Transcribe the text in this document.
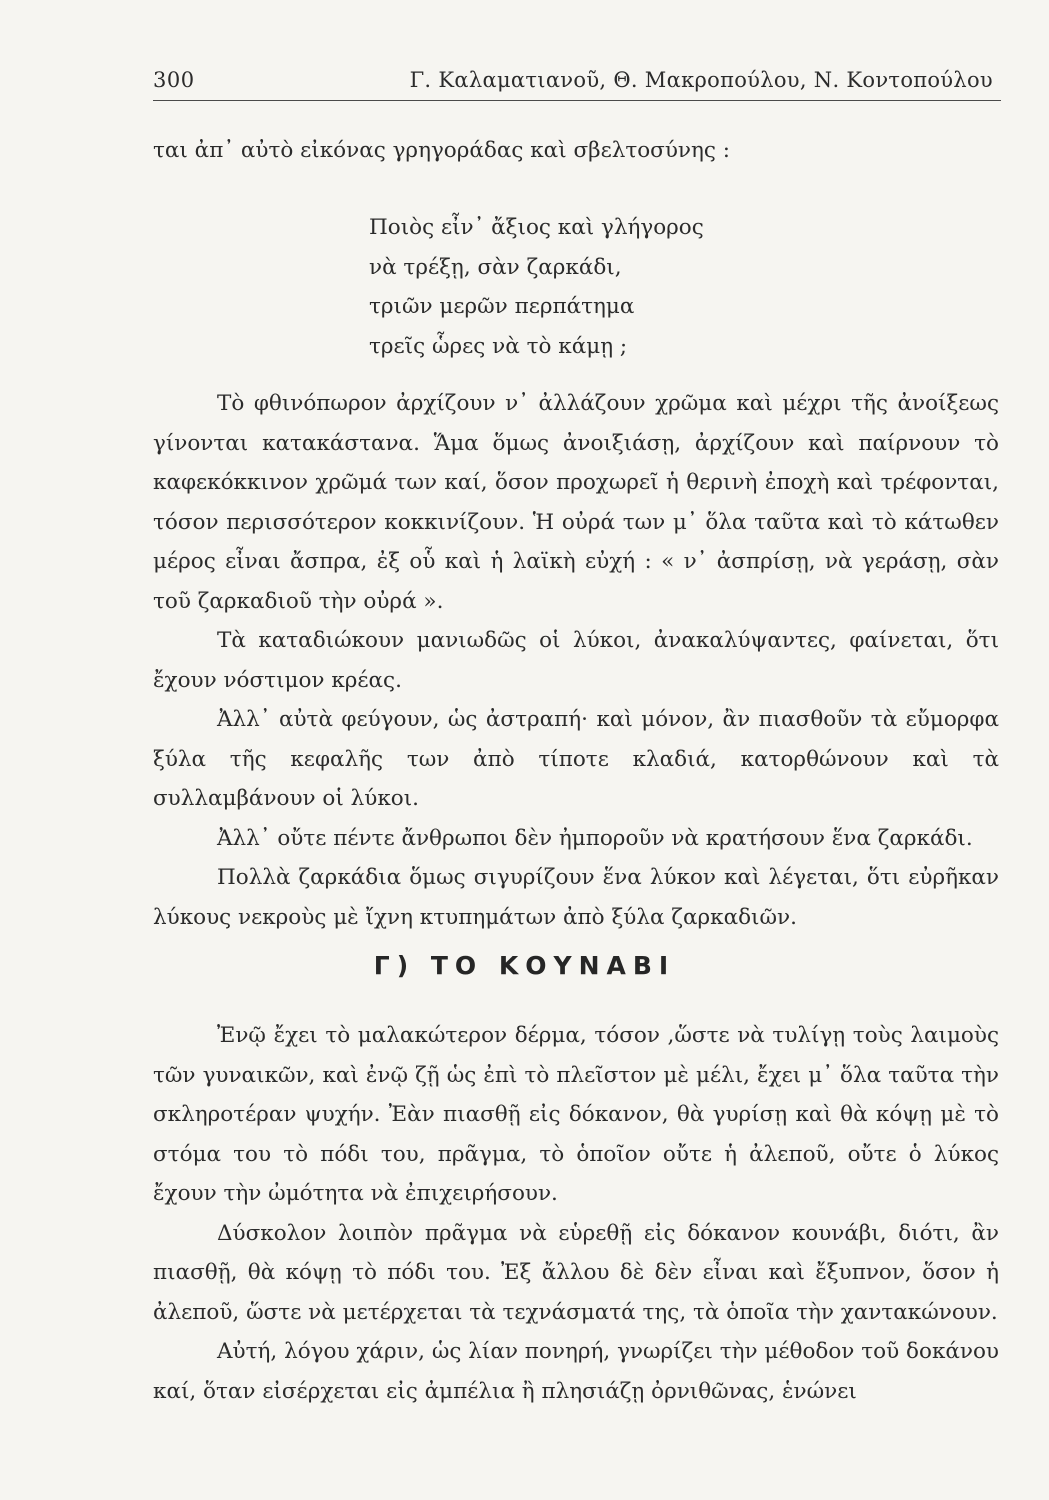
300	Γ. Καλαματιανοῦ, Θ. Μακροπούλου, Ν. Κοντοπούλου

ται ἀπ᾽ αὐτὸ εἰκόνας γρηγοράδας καὶ σβελτοσύνης :

Ποιὸς εἶν᾽ ἄξιος καὶ γλήγορος
νὰ τρέξῃ, σὰν ζαρκάδι,
τριῶν μερῶν περπάτημα
τρεῖς ὧρες νὰ τὸ κάμῃ ;

Τὸ φθινόπωρον ἀρχίζουν ν᾽ ἀλλάζουν χρῶμα καὶ μέχρι τῆς ἀνοίξεως γίνονται κατακάστανα. Ἅμα ὅμως ἀνοιξιάσῃ, ἀρχίζουν καὶ παίρνουν τὸ καφεκόκκινον χρῶμά των καί, ὅσον προχωρεῖ ἡ θερινὴ ἐποχὴ καὶ τρέφονται, τόσον περισσότερον κοκκινίζουν. Ἡ οὐρά των μ᾽ ὅλα ταῦτα καὶ τὸ κάτωθεν μέρος εἶναι ἄσπρα, ἐξ οὗ καὶ ἡ λαϊκὴ εὐχή : « ν᾽ ἀσπρίσῃ, νὰ γεράσῃ, σὰν τοῦ ζαρκαδιοῦ τὴν οὐρά ».

Τὰ καταδιώκουν μανιωδῶς οἱ λύκοι, ἀνακαλύψαντες, φαίνεται, ὅτι ἔχουν νόστιμον κρέας.

Ἀλλ᾽ αὐτὰ φεύγουν, ὡς ἀστραπή· καὶ μόνον, ἂν πιασθοῦν τὰ εὔμορφα ξύλα τῆς κεφαλῆς των ἀπὸ τίποτε κλαδιά, κατορθώνουν καὶ τὰ συλλαμβάνουν οἱ λύκοι.

Ἀλλ᾽ οὔτε πέντε ἄνθρωποι δὲν ἠμποροῦν νὰ κρατήσουν ἕνα ζαρκάδι.

Πολλὰ ζαρκάδια ὅμως σιγυρίζουν ἕνα λύκον καὶ λέγεται, ὅτι εὐρῆκαν λύκους νεκροὺς μὲ ἴχνη κτυπημάτων ἀπὸ ξύλα ζαρκαδιῶν.

Γ) ΤΟ ΚΟΥΝΑΒΙ

Ἐνῷ ἔχει τὸ μαλακώτερον δέρμα, τόσον ,ὥστε νὰ τυλίγῃ τοὺς λαιμοὺς τῶν γυναικῶν, καὶ ἐνῷ ζῇ ὡς ἐπὶ τὸ πλεῖστον μὲ μέλι, ἔχει μ᾽ ὅλα ταῦτα τὴν σκληροτέραν ψυχήν. Ἐὰν πιασθῇ εἰς δόκανον, θὰ γυρίσῃ καὶ θὰ κόψῃ μὲ τὸ στόμα του τὸ πόδι του, πρᾶγμα, τὸ ὁποῖον οὔτε ἡ ἀλεποῦ, οὔτε ὁ λύκος ἔχουν τὴν ὠμότητα νὰ ἐπιχειρήσουν.

Δύσκολον λοιπὸν πρᾶγμα νὰ εὑρεθῇ εἰς δόκανον κουνάβι, διότι, ἂν πιασθῇ, θὰ κόψῃ τὸ πόδι του. Ἐξ ἄλλου δὲ δὲν εἶναι καὶ ἔξυπνον, ὅσον ἡ ἀλεποῦ, ὥστε νὰ μετέρχεται τὰ τεχνάσματά της, τὰ ὁποῖα τὴν χαντακώνουν.

Αὐτή, λόγου χάριν, ὡς λίαν πονηρή, γνωρίζει τὴν μέθοδον τοῦ δοκάνου καί, ὅταν εἰσέρχεται εἰς ἀμπέλια ἢ πλησιάζῃ ὀρνιθῶνας, ἑνώνει
